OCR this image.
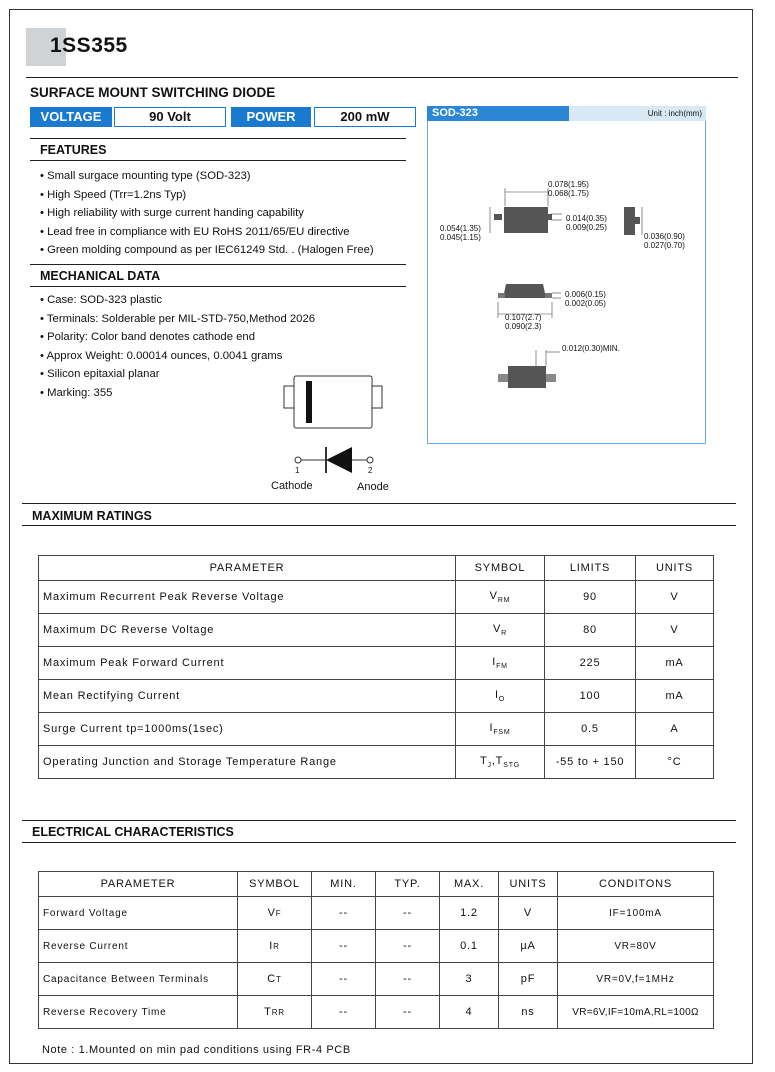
1SS355
SURFACE MOUNT SWITCHING DIODE
VOLTAGE	90 Volt	POWER	200 mW
FEATURES
• Small surgace mounting type (SOD-323)
• High Speed (Trr=1.2ns Typ)
• High reliability with surge current handing capability
• Lead free in compliance with EU RoHS 2011/65/EU directive
• Green molding compound as per IEC61249 Std. . (Halogen Free)
MECHANICAL DATA
• Case: SOD-323 plastic
• Terminals: Solderable per MIL-STD-750,Method 2026
• Polarity: Color band denotes cathode end
• Approx Weight: 0.00014 ounces, 0.0041 grams
• Silicon epitaxial planar
• Marking: 355
1	2
Cathode	Anode
SOD-323	Unit : inch(mm)
0.078(1.95)
0.068(1.75)
0.054(1.35)
0.045(1.15)
0.014(0.35)
0.009(0.25)
0.036(0.90)
0.027(0.70)
0.006(0.15)
0.002(0.05)
0.107(2.7)
0.090(2.3)
0.012(0.30)MIN.
MAXIMUM RATINGS
PARAMETER	SYMBOL	LIMITS	UNITS
Maximum Recurrent Peak Reverse Voltage	$V_{RM}$	90	V
Maximum DC Reverse Voltage	$V_R$	80	V
Maximum Peak Forward Current	$I_{FM}$	225	mA
Mean Rectifying Current	$I_O$	100	mA
Surge Current tp=1000ms(1sec)	$I_{FSM}$	0.5	A
Operating Junction and Storage Temperature Range	$T_J,T_{STG}$	-55 to + 150	°C
ELECTRICAL CHARACTERISTICS
PARAMETER	SYMBOL	MIN.	TYP.	MAX.	UNITS	CONDITONS
Forward Voltage	VF	--	--	1.2	V	IF=100mA
Reverse Current	IR	--	--	0.1	µA	VR=80V
Capacitance Between Terminals	CT	--	--	3	pF	VR=0V,f=1MHz
Reverse Recovery Time	TRR	--	--	4	ns	VR=6V,IF=10mA,RL=100Ω
Note : 1.Mounted on min pad conditions using FR-4 PCB
